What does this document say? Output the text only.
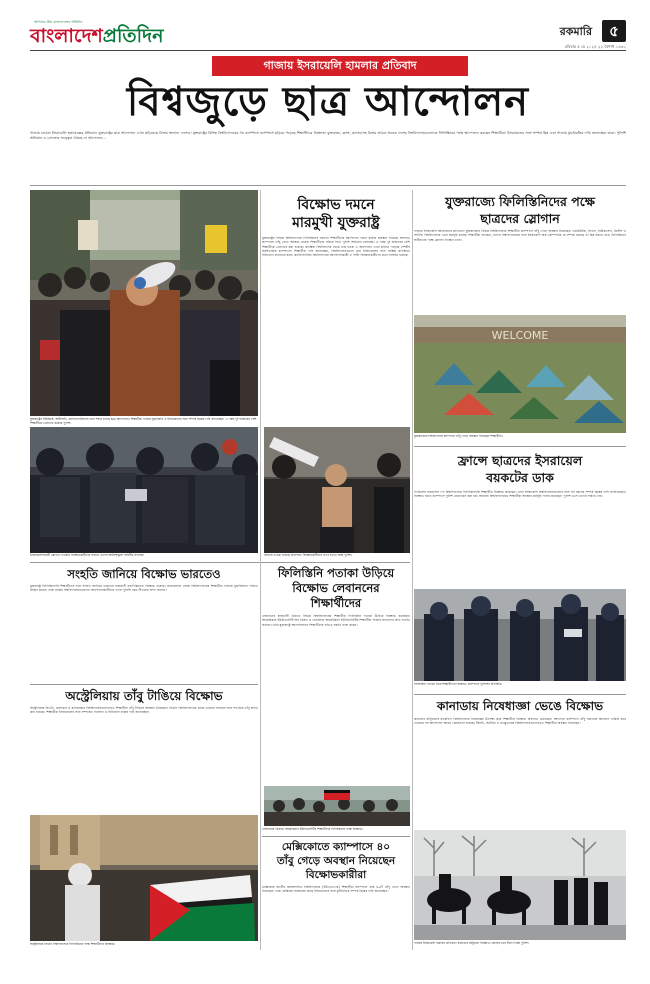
আপনার প্রিয় বাংলাদেশের প্রতিদিন
বাংলাদেশপ্রতিদিন	রকমারি	৫
রবিবার ৫ মে ২০২৪ ২২ বৈশাখ ১৪৩১
গাজায় ইসরায়েলি হামলার প্রতিবাদ
বিশ্বজুড়ে ছাত্র আন্দোলন
গাজায় চলমান ইসরায়েলি হত্যাযজ্ঞের প্রতিবাদে যুক্তরাষ্ট্রের ছাত্র আন্দোলন এখন ছড়িয়েছে বিশ্বের অন্যান্য দেশেও। যুক্তরাষ্ট্রের বিভিন্ন বিশ্ববিদ্যালয়ের পর ক্যাম্পাসে ক্যাম্পাসে ছড়িয়ে পড়েছে শিক্ষার্থীদের বিক্ষোভ। যুক্তরাজ্য, ফ্রান্স, কানাডাসহ বিশ্বের আরও অনেক দেশের বিশ্ববিদ্যালয়গুলোতে ফিলিস্তিনের পক্ষে আন্দোলন করছেন শিক্ষার্থীরা। ইসরায়েলের সঙ্গে সম্পর্ক ছিন্ন এবং গাজায় যুদ্ধবিরতির দাবি জানাচ্ছেন তারা। পুলিশি অভিযান ও গ্রেফতার সত্ত্বেও থামছে না আন্দোলন...
যুক্তরাষ্ট্রের নিউইয়র্ক, আটলান্টা, ক্যালিফোর্নিয়াসহ নানা শহরে চলছে ছাত্র আন্দোলন। শিক্ষার্থীরা গাজায় যুদ্ধবিরতি ও ইসরায়েলের সঙ্গে সম্পর্ক ছিন্নের দাবি জানাচ্ছেন। এ পর্যন্ত দুই হাজারের বেশি শিক্ষার্থীকে গ্রেফতার করেছে পুলিশ।
ইসরায়েলবিরোধী স্লোগান দেওয়ায় বিক্ষোভকারীদের সরাতে তৎপর আইনশৃঙ্খলা বাহিনীর সদস্যরা।
বিক্ষোভ দমনে
মারমুখী যুক্তরাষ্ট্র
যুক্তরাষ্ট্রের বিভিন্ন বিশ্ববিদ্যালয়ে ফিলিস্তিনের সমর্থনে শিক্ষার্থীদের আন্দোলন দমনে কঠোর অবস্থান নিয়েছে প্রশাসন। ক্যাম্পাসে তাঁবু গেড়ে অবস্থান নেওয়া শিক্ষার্থীদের সরিয়ে দিতে পুলিশ অভিযান চালাচ্ছে। এ পর্যন্ত দুই হাজারের বেশি শিক্ষার্থীকে গ্রেফতার করা হয়েছে। কলম্বিয়া বিশ্ববিদ্যালয় থেকে শুরু হওয়া এ আন্দোলন এখন ছড়িয়ে পড়েছে দেশটির অর্ধশতাধিক ক্যাম্পাসে। শিক্ষার্থীরা দাবি জানাচ্ছেন, বিশ্ববিদ্যালয়গুলো যেন ইসরায়েলের সঙ্গে সংশ্লিষ্ট প্রতিষ্ঠানে বিনিয়োগ প্রত্যাহার করে। ক্যালিফোর্নিয়া বিশ্ববিদ্যালয়ে আন্দোলনকারী ও পাল্টা বিক্ষোভকারীদের মধ্যে সংঘর্ষও হয়েছে।
বাড়িয়ে দেওয়া হয়েছে নিরাপত্তা। বিক্ষোভকারীদের ওপর চড়াও হচ্ছে পুলিশ।
যুক্তরাজ্যে ফিলিস্তিনিদের পক্ষে
ছাত্রদের স্লোগান
গাজায় ইসরায়েলি আগ্রাসনের প্রতিবাদে যুক্তরাজ্যের বিভিন্ন বিশ্ববিদ্যালয়ে শিক্ষার্থীরা ক্যাম্পাসে তাঁবু গেড়ে অবস্থান নিয়েছেন। ওয়ারউইক, লিডস, নিউক্যাসল, ব্রিস্টল ও শেফিল্ড বিশ্ববিদ্যালয়ে এমন কর্মসূচি চলছে। শিক্ষার্থীরা বলছেন, তাদের বিশ্ববিদ্যালয়ের সঙ্গে ইসরায়েলি অস্ত্র কোম্পানির যে সম্পর্ক রয়েছে তা ছিন্ন করতে হবে। ফিলিস্তিনের স্বাধীনতার পক্ষে স্লোগান দিচ্ছেন তারা।
WELCOME
যুক্তরাজ্যের বিশ্ববিদ্যালয় ক্যাম্পাসে তাঁবু গেড়ে অবস্থান নিয়েছেন শিক্ষার্থীরা।
ফ্রান্সে ছাত্রদের ইসরায়েল
বয়কটের ডাক
প্যারিসের সায়েন্সেস পো বিশ্ববিদ্যালয়ে ফিলিস্তিনপন্থি শিক্ষার্থীরা বিক্ষোভ করেছেন। তারা ইসরায়েলি বিশ্ববিদ্যালয়গুলোর সঙ্গে সব ধরনের সম্পর্ক ছিন্নের দাবি জানিয়েছেন। বিক্ষোভ দমনে ক্যাম্পাসে পুলিশ মোতায়েন করা হয়। সরবোন বিশ্ববিদ্যালয়েও শিক্ষার্থীরা অবস্থান কর্মসূচি পালন করেছেন। পুলিশ এসে তাদের সরিয়ে দেয়।
ফিলিস্তিনি পতাকা নিয়ে শিক্ষার্থীদের বিক্ষোভ। ক্যাম্পাসে পুলিশের উপস্থিতি।
সংহতি জানিয়ে বিক্ষোভ ভারতেও
যুক্তরাষ্ট্রে ফিলিস্তিনপন্থি শিক্ষার্থীদের সঙ্গে সংহতি জানিয়ে ভারতের রাজধানী নয়াদিল্লিতেও বিক্ষোভ হয়েছে। জওহরলাল নেহরু বিশ্ববিদ্যালয়ের শিক্ষার্থীরা গাজায় যুদ্ধবিরতির দাবিতে মিছিল করেন। তারা মার্কিন বিশ্ববিদ্যালয়গুলোতে আন্দোলনকারীদের ওপর পুলিশি দমন-পীড়নের নিন্দা জানান।
অস্ট্রেলিয়ায় তাঁবু টাঙিয়ে বিক্ষোভ
অস্ট্রেলিয়ার সিডনি, মেলবোর্ন ও ক্যানবেরার বিশ্ববিদ্যালয়গুলোতেও শিক্ষার্থীরা তাঁবু টাঙিয়ে অবস্থান নিয়েছেন। সিডনি বিশ্ববিদ্যালয়ের প্রধান ভবনের সামনের লনে শতাধিক তাঁবু স্থাপন করা হয়েছে। শিক্ষার্থীরা ইসরায়েলের সঙ্গে সম্পর্কিত গবেষণা ও বিনিয়োগ বন্ধের দাবি জানাচ্ছেন।
অস্ট্রেলিয়ার সিডনি বিশ্ববিদ্যালয়ে ফিলিস্তিনের পক্ষে শিক্ষার্থীদের বিক্ষোভ।
ফিলিস্তিনি পতাকা উড়িয়ে
বিক্ষোভ লেবাননের
শিক্ষার্থীদের
লেবাননের রাজধানী বৈরুতে বিভিন্ন বিশ্ববিদ্যালয়ের শিক্ষার্থীরা ফিলিস্তিনি পতাকা উড়িয়ে বিক্ষোভ করেছেন। আমেরিকান ইউনিভার্সিটি অব বৈরুত ও লেবানিজ আমেরিকান ইউনিভার্সিটির শিক্ষার্থীরা গাজার জনগণের প্রতি সংহতি জানান। তারা যুক্তরাষ্ট্রে আন্দোলনরত শিক্ষার্থীদের প্রতিও সমর্থন ব্যক্ত করেন।
লেবাননের বৈরুতে আমেরিকান ইউনিভার্সিটির শিক্ষার্থীদের ফিলিস্তিনের পক্ষে বিক্ষোভ।
মেক্সিকোতে ক্যাম্পাসে ৪০
তাঁবু গেড়ে অবস্থান নিয়েছেন
বিক্ষোভকারীরা
মেক্সিকোর জাতীয় স্বায়ত্তশাসিত বিশ্ববিদ্যালয়ে (ইউএনএএম) শিক্ষার্থীরা ক্যাম্পাসে প্রায় ৪০টি তাঁবু গেড়ে অবস্থান নিয়েছেন। তারা মেক্সিকো সরকারের কাছে ইসরায়েলের সঙ্গে কূটনৈতিক সম্পর্ক ছিন্নের দাবি জানাচ্ছেন।
কানাডায় নিষেধাজ্ঞা ভেঙে বিক্ষোভ
কানাডার মন্ট্রিয়লের ম্যাকগিল বিশ্ববিদ্যালয়ে নিষেধাজ্ঞা উপেক্ষা করে শিক্ষার্থীরা বিক্ষোভ অব্যাহত রেখেছেন। আদালত ক্যাম্পাসে তাঁবু সরানোর আবেদন খারিজ করে দেওয়ার পর আন্দোলন আরও জোরালো হয়েছে। টরন্টো, অটোয়া ও ভ্যাঙ্কুভারের বিশ্ববিদ্যালয়গুলোতেও শিক্ষার্থীরা অবস্থান নিয়েছেন।
গাজায় ইসরায়েলি হামলার প্রতিবাদে কানাডার মন্ট্রিয়লে বিক্ষোভ। ঘোড়ায় চড়ে টহল দিচ্ছে পুলিশ।
